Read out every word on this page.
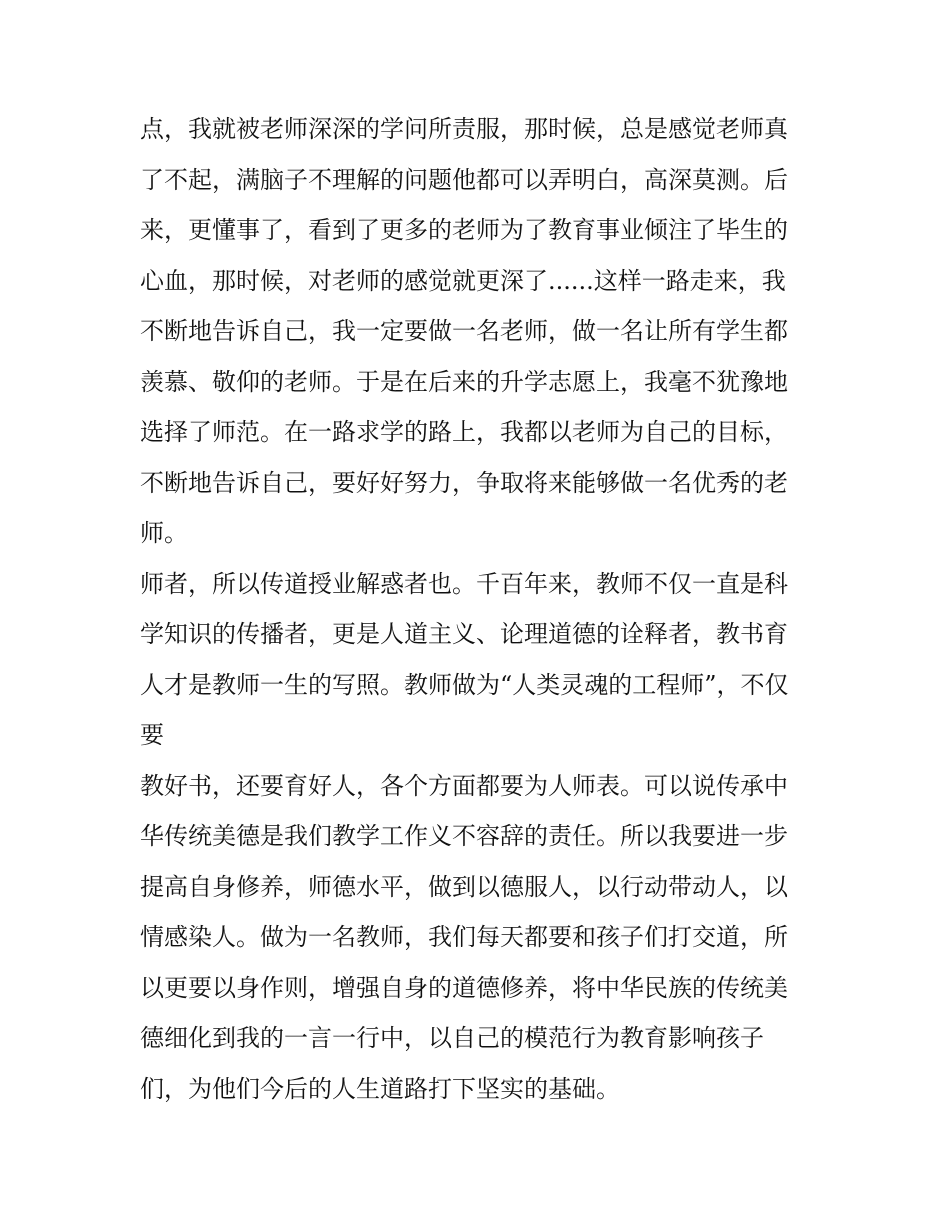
点，我就被老师深深的学问所责服，那时候，总是感觉老师真
了不起，满脑子不理解的问题他都可以弄明白，高深莫测。后
来，更懂事了，看到了更多的老师为了教育事业倾注了毕生的
心血，那时候，对老师的感觉就更深了......这样一路走来，我
不断地告诉自己，我一定要做一名老师，做一名让所有学生都
羡慕、敬仰的老师。于是在后来的升学志愿上，我毫不犹豫地
选择了师范。在一路求学的路上，我都以老师为自己的目标，
不断地告诉自己，要好好努力，争取将来能够做一名优秀的老
师。
师者，所以传道授业解惑者也。千百年来，教师不仅一直是科
学知识的传播者，更是人道主义、论理道德的诠释者，教书育
人才是教师一生的写照。教师做为“人类灵魂的工程师”，不仅
要
教好书，还要育好人，各个方面都要为人师表。可以说传承中
华传统美德是我们教学工作义不容辞的责任。所以我要进一步
提高自身修养，师德水平，做到以德服人，以行动带动人，以
情感染人。做为一名教师，我们每天都要和孩子们打交道，所
以更要以身作则，增强自身的道德修养，将中华民族的传统美
德细化到我的一言一行中，以自己的模范行为教育影响孩子
们，为他们今后的人生道路打下坚实的基础。
